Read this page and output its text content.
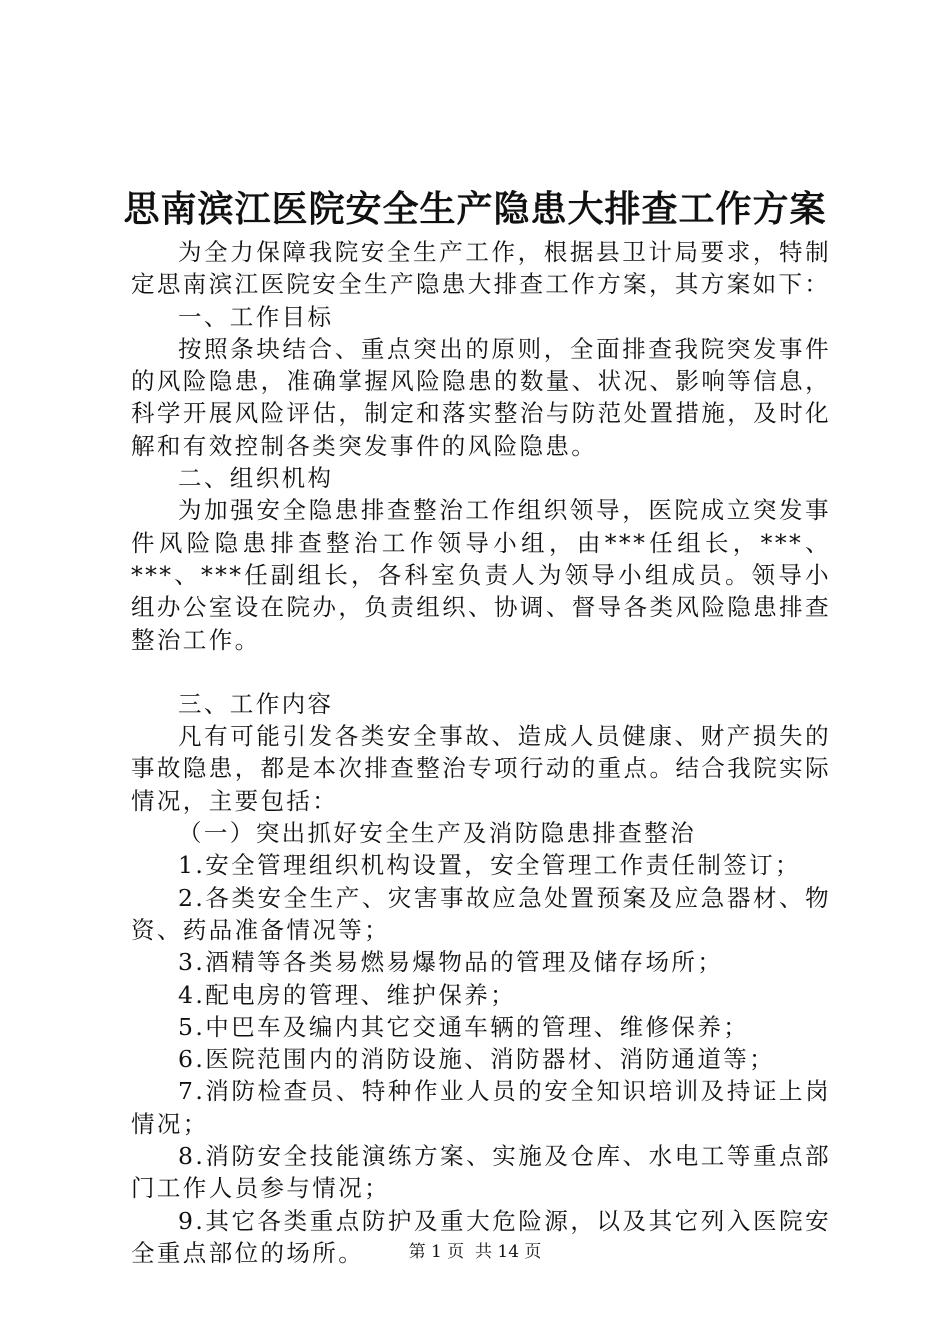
思南滨江医院安全生产隐患大排查工作方案

为全力保障我院安全生产工作，根据县卫计局要求，特制定思南滨江医院安全生产隐患大排查工作方案，其方案如下：

一、工作目标

按照条块结合、重点突出的原则，全面排查我院突发事件的风险隐患，准确掌握风险隐患的数量、状况、影响等信息，科学开展风险评估，制定和落实整治与防范处置措施，及时化解和有效控制各类突发事件的风险隐患。

二、组织机构

为加强安全隐患排查整治工作组织领导，医院成立突发事件风险隐患排查整治工作领导小组，由***任组长，***、***、***任副组长，各科室负责人为领导小组成员。领导小组办公室设在院办，负责组织、协调、督导各类风险隐患排查整治工作。

三、工作内容

凡有可能引发各类安全事故、造成人员健康、财产损失的事故隐患，都是本次排查整治专项行动的重点。结合我院实际情况，主要包括：

（一）突出抓好安全生产及消防隐患排查整治

1.安全管理组织机构设置，安全管理工作责任制签订；

2.各类安全生产、灾害事故应急处置预案及应急器材、物资、药品准备情况等；

3.酒精等各类易燃易爆物品的管理及储存场所；

4.配电房的管理、维护保养；

5.中巴车及编内其它交通车辆的管理、维修保养；

6.医院范围内的消防设施、消防器材、消防通道等；

7.消防检查员、特种作业人员的安全知识培训及持证上岗情况；

8.消防安全技能演练方案、实施及仓库、水电工等重点部门工作人员参与情况；

9.其它各类重点防护及重大危险源，以及其它列入医院安全重点部位的场所。	第 1 页  共 14 页
